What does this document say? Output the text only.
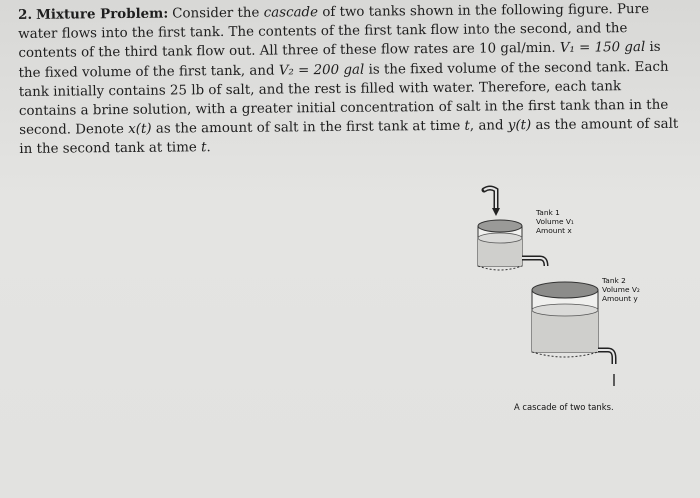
2. Mixture Problem: Consider the cascade of two tanks shown in the following figure. Pure water flows into the first tank. The contents of the first tank flow into the second, and the contents of the third tank flow out. All three of these flow rates are 10 gal/min. V₁ = 150 gal is the fixed volume of the first tank, and V₂ = 200 gal is the fixed volume of the second tank. Each tank initially contains 25 lb of salt, and the rest is filled with water. Therefore, each tank contains a brine solution, with a greater initial concentration of salt in the first tank than in the second. Denote x(t) as the amount of salt in the first tank at time t, and y(t) as the amount of salt in the second tank at time t.

Tank 1
Volume V₁
Amount x
Tank 2
Volume V₂
Amount y
A cascade of two tanks.
